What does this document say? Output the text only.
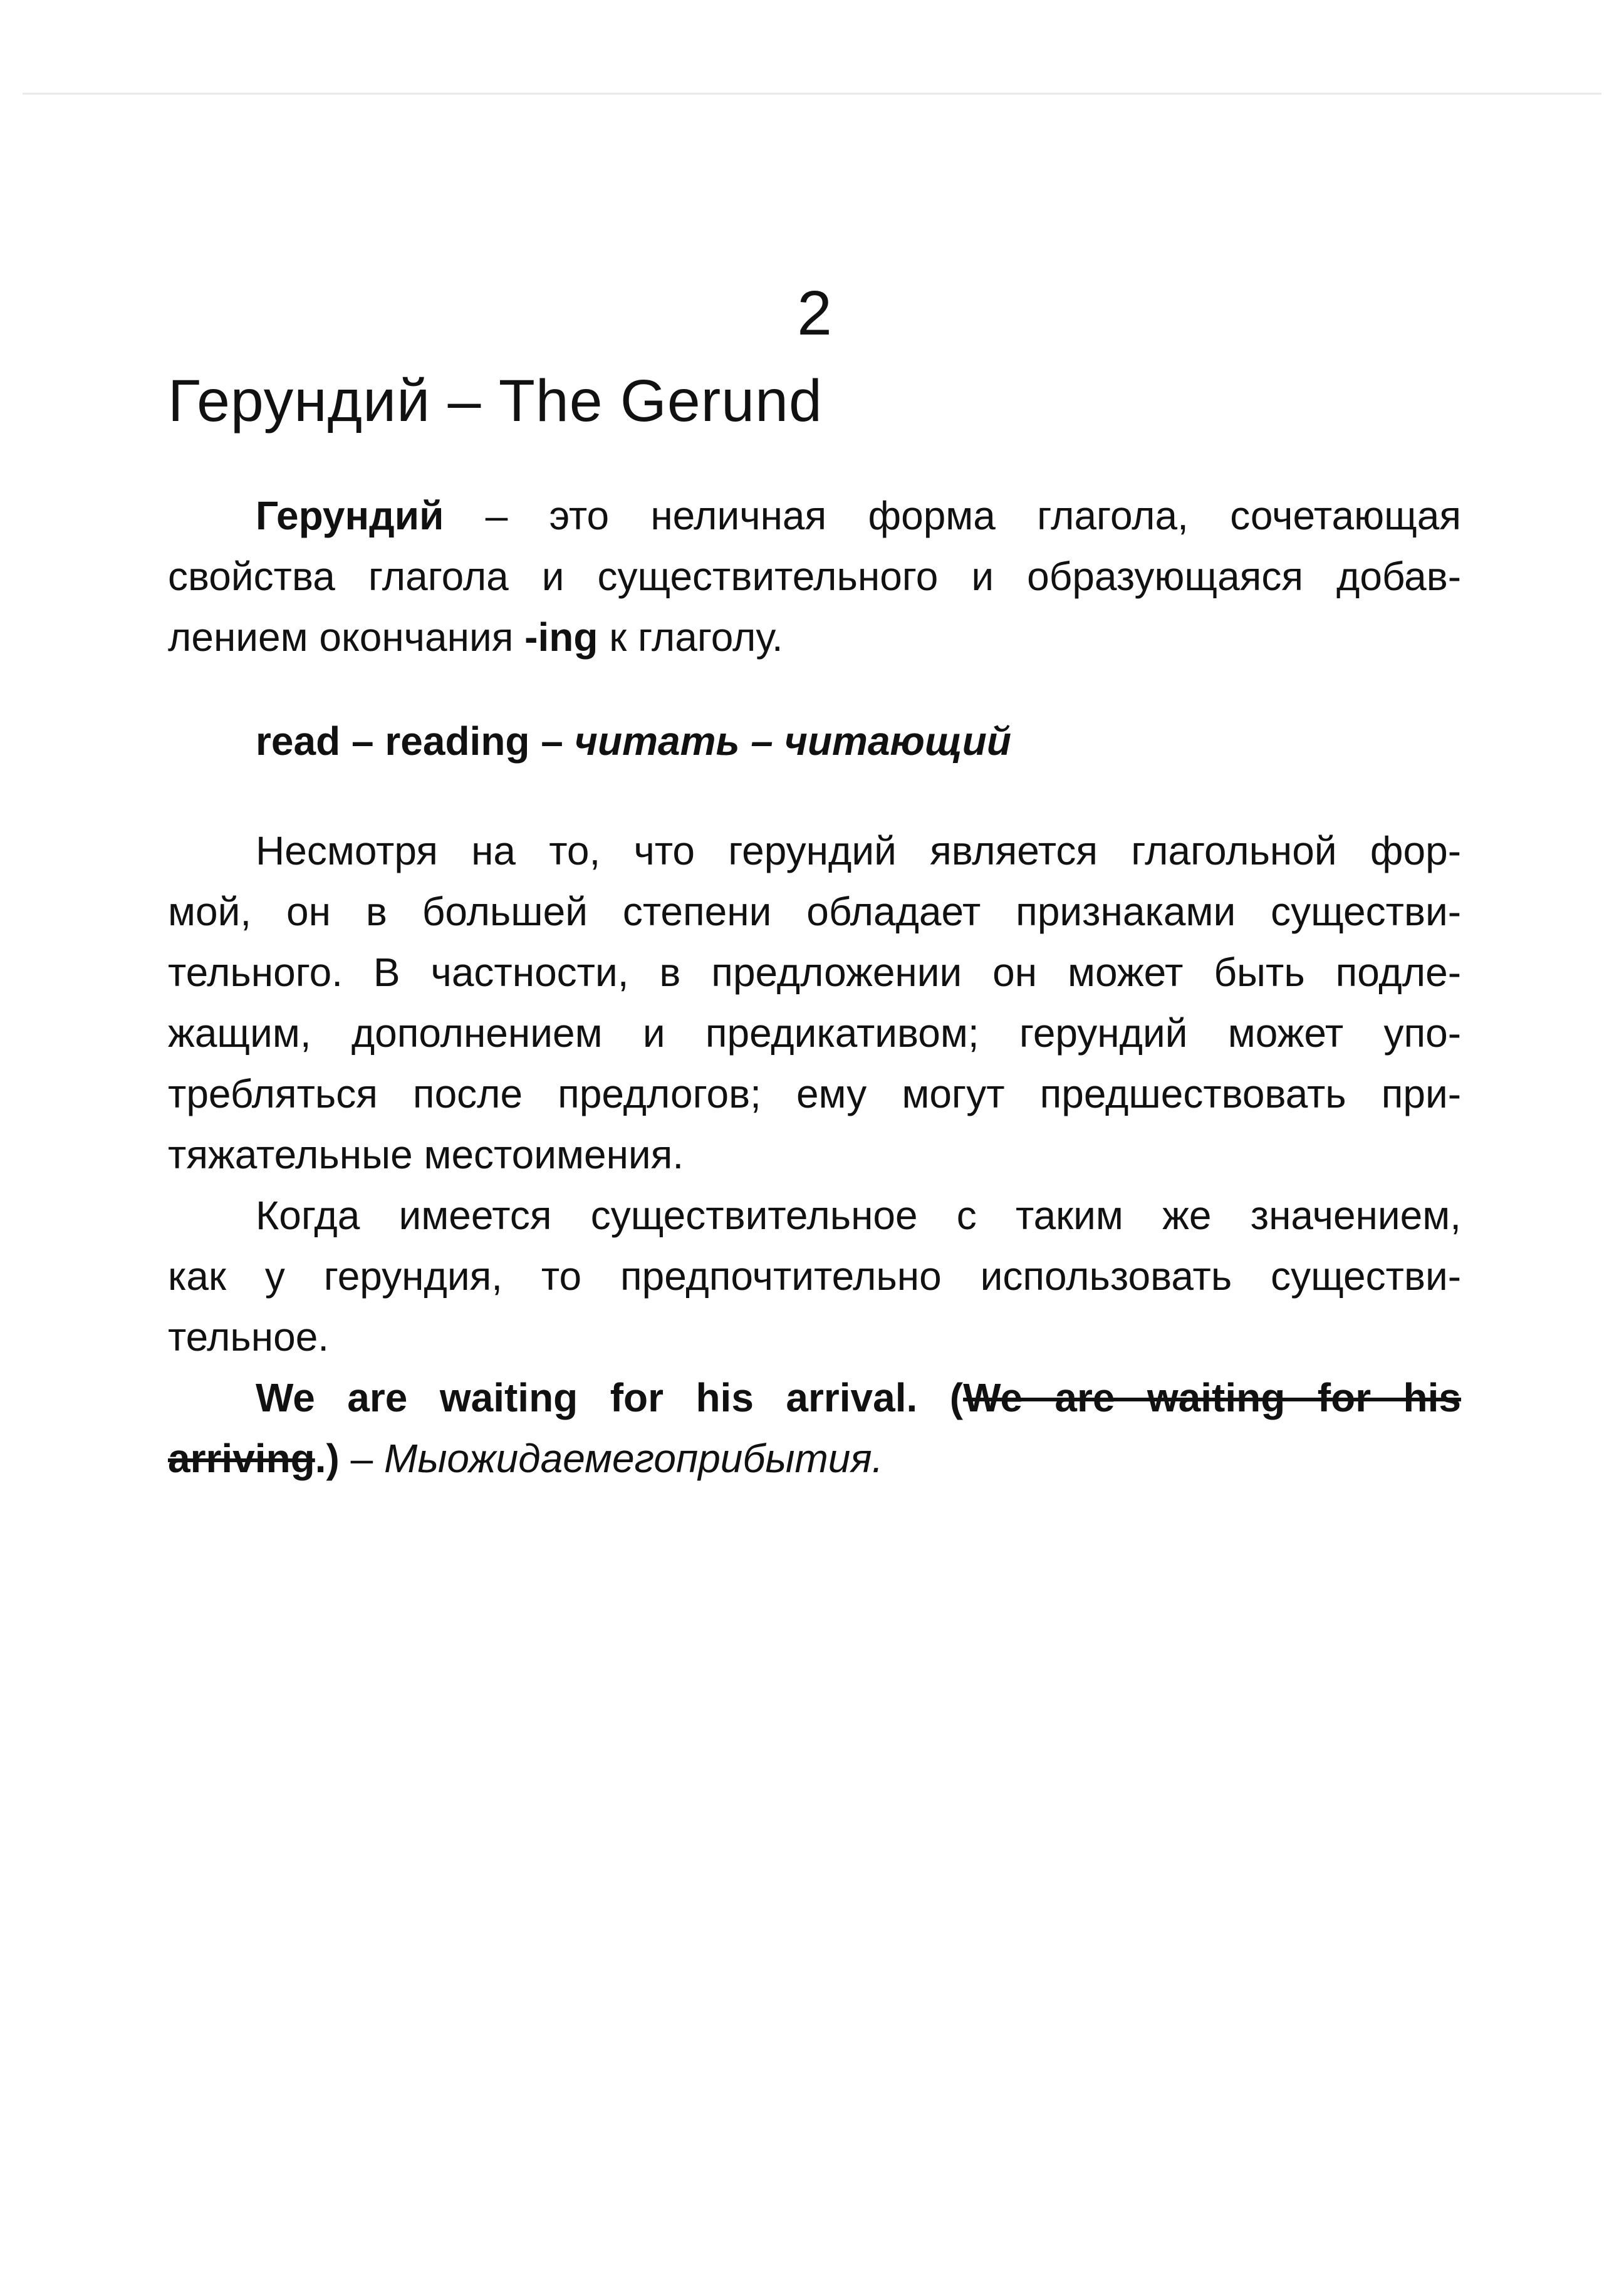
2
Герундий – The Gerund
Герундий – это неличная форма глагола, сочетающая
свойства глагола и существительного и образующаяся добав-
лением окончания -ing к глаголу.
read – reading – читать – читающий
Несмотря на то, что герундий является глагольной фор-
мой, он в большей степени обладает признаками существи-
тельного. В частности, в предложении он может быть подле-
жащим, дополнением и предикативом; герундий может упо-
требляться после предлогов; ему могут предшествовать при-
тяжательные местоимения.
Когда имеется существительное с таким же значением,
как у герундия, то предпочтительно использовать существи-
тельное.
We are waiting for his arrival. (We are waiting for his
arriving.) – Мыожидаемегоприбытия.
